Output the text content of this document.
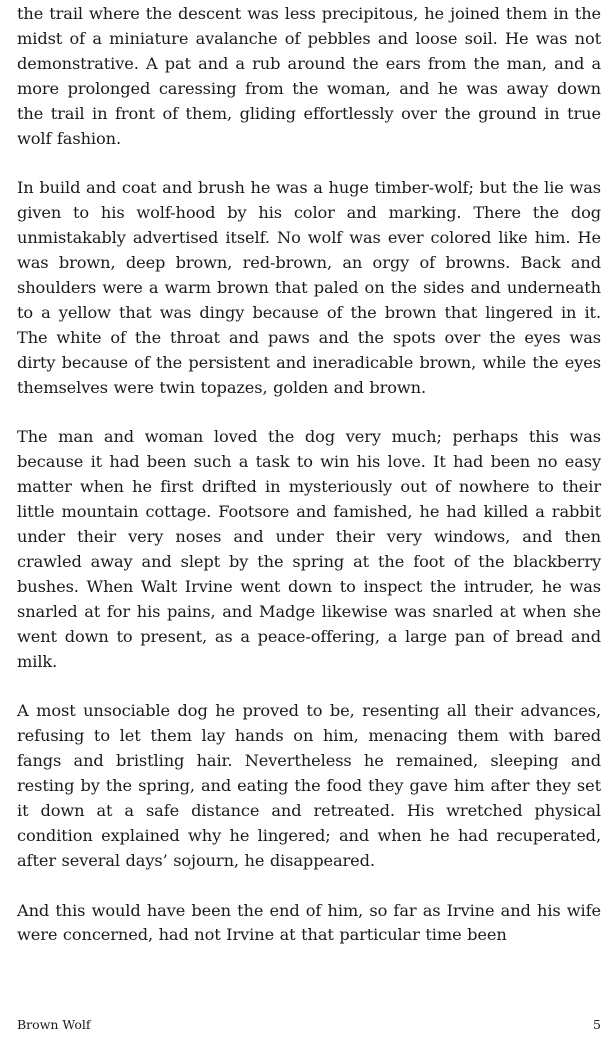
the trail where the descent was less precipitous, he joined them in the midst of a miniature avalanche of pebbles and loose soil. He was not demonstrative. A pat and a rub around the ears from the man, and a more prolonged caressing from the woman, and he was away down the trail in front of them, gliding effortlessly over the ground in true wolf fashion.

In build and coat and brush he was a huge timber-wolf; but the lie was given to his wolf-hood by his color and marking. There the dog unmistakably advertised itself. No wolf was ever colored like him. He was brown, deep brown, red-brown, an orgy of browns. Back and shoulders were a warm brown that paled on the sides and underneath to a yellow that was dingy because of the brown that lingered in it. The white of the throat and paws and the spots over the eyes was dirty because of the persistent and ineradicable brown, while the eyes themselves were twin topazes, golden and brown.

The man and woman loved the dog very much; perhaps this was because it had been such a task to win his love. It had been no easy matter when he first drifted in mysteriously out of nowhere to their little mountain cottage. Footsore and famished, he had killed a rabbit under their very noses and under their very windows, and then crawled away and slept by the spring at the foot of the blackberry bushes. When Walt Irvine went down to inspect the intruder, he was snarled at for his pains, and Madge likewise was snarled at when she went down to present, as a peace-offering, a large pan of bread and milk.

A most unsociable dog he proved to be, resenting all their advances, refusing to let them lay hands on him, menacing them with bared fangs and bristling hair. Nevertheless he remained, sleeping and resting by the spring, and eating the food they gave him after they set it down at a safe distance and retreated. His wretched physical condition explained why he lingered; and when he had recuperated, after several days’ sojourn, he disappeared.

And this would have been the end of him, so far as Irvine and his wife were concerned, had not Irvine at that particular time been

Brown Wolf	5
